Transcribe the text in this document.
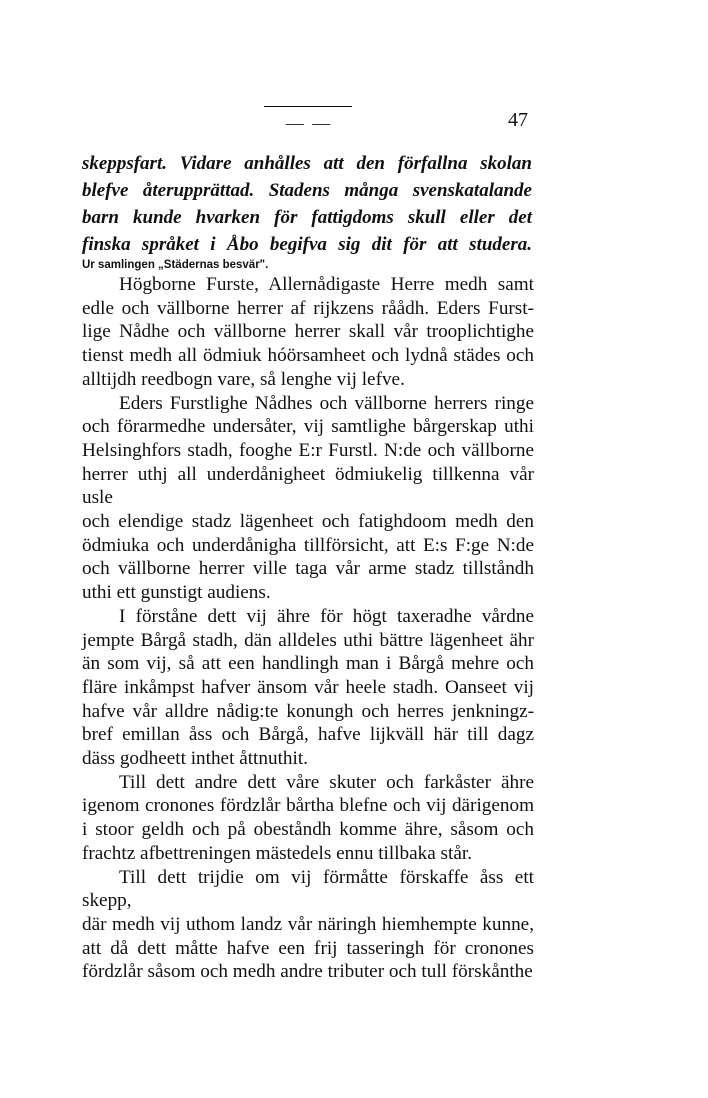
— —	47
skeppsfart. Vidare anhålles att den förfallna skolan
blefve återupprättad. Stadens många svenskatalande
barn kunde hvarken för fattigdoms skull eller det
finska språket i Åbo begifva sig dit för att studera.
Ur samlingen „Städernas besvär".

Högborne Furste, Allernådigaste Herre medh samt
edle och vällborne herrer af rijkzens råådh. Eders Furst-
lige Nådhe och vällborne herrer skall vår trooplichtighe
tienst medh all ödmiuk hóörsamheet och lydnå städes och
alltijdh reedbogn vare, så lenghe vij lefve.

Eders Furstlighe Nådhes och vällborne herrers ringe
och förarmedhe undersåter, vij samtlighe bårgerskap uthi
Helsinghfors stadh, fooghe E:r Furstl. N:de och vällborne
herrer uthj all underdånigheet ödmiukelig tillkenna vår usle
och elendige stadz lägenheet och fatighdoom medh den
ödmiuka och underdånigha tillförsicht, att E:s F:ge N:de
och vällborne herrer ville taga vår arme stadz tillståndh
uthi ett gunstigt audiens.

I förståne dett vij ähre för högt taxeradhe vårdne
jempte Bårgå stadh, dän alldeles uthi bättre lägenheet ähr
än som vij, så att een handlingh man i Bårgå mehre och
fläre inkåmpst hafver änsom vår heele stadh. Oanseet vij
hafve vår alldre nådig:te konungh och herres jenkningz-
bref emillan åss och Bårgå, hafve lijkväll här till dagz
däss godheett inthet åttnuthit.

Till dett andre dett våre skuter och farkåster ähre
igenom cronones fördzlår bårtha blefne och vij därigenom
i stoor geldh och på obeståndh komme ähre, såsom och
frachtz afbettreningen mästedels ennu tillbaka står.

Till dett trijdie om vij förmåtte förskaffe åss ett skepp,
där medh vij uthom landz vår näringh hiemhempte kunne,
att då dett måtte hafve een frij tasseringh för cronones
fördzlår såsom och medh andre tributer och tull förskånthe
